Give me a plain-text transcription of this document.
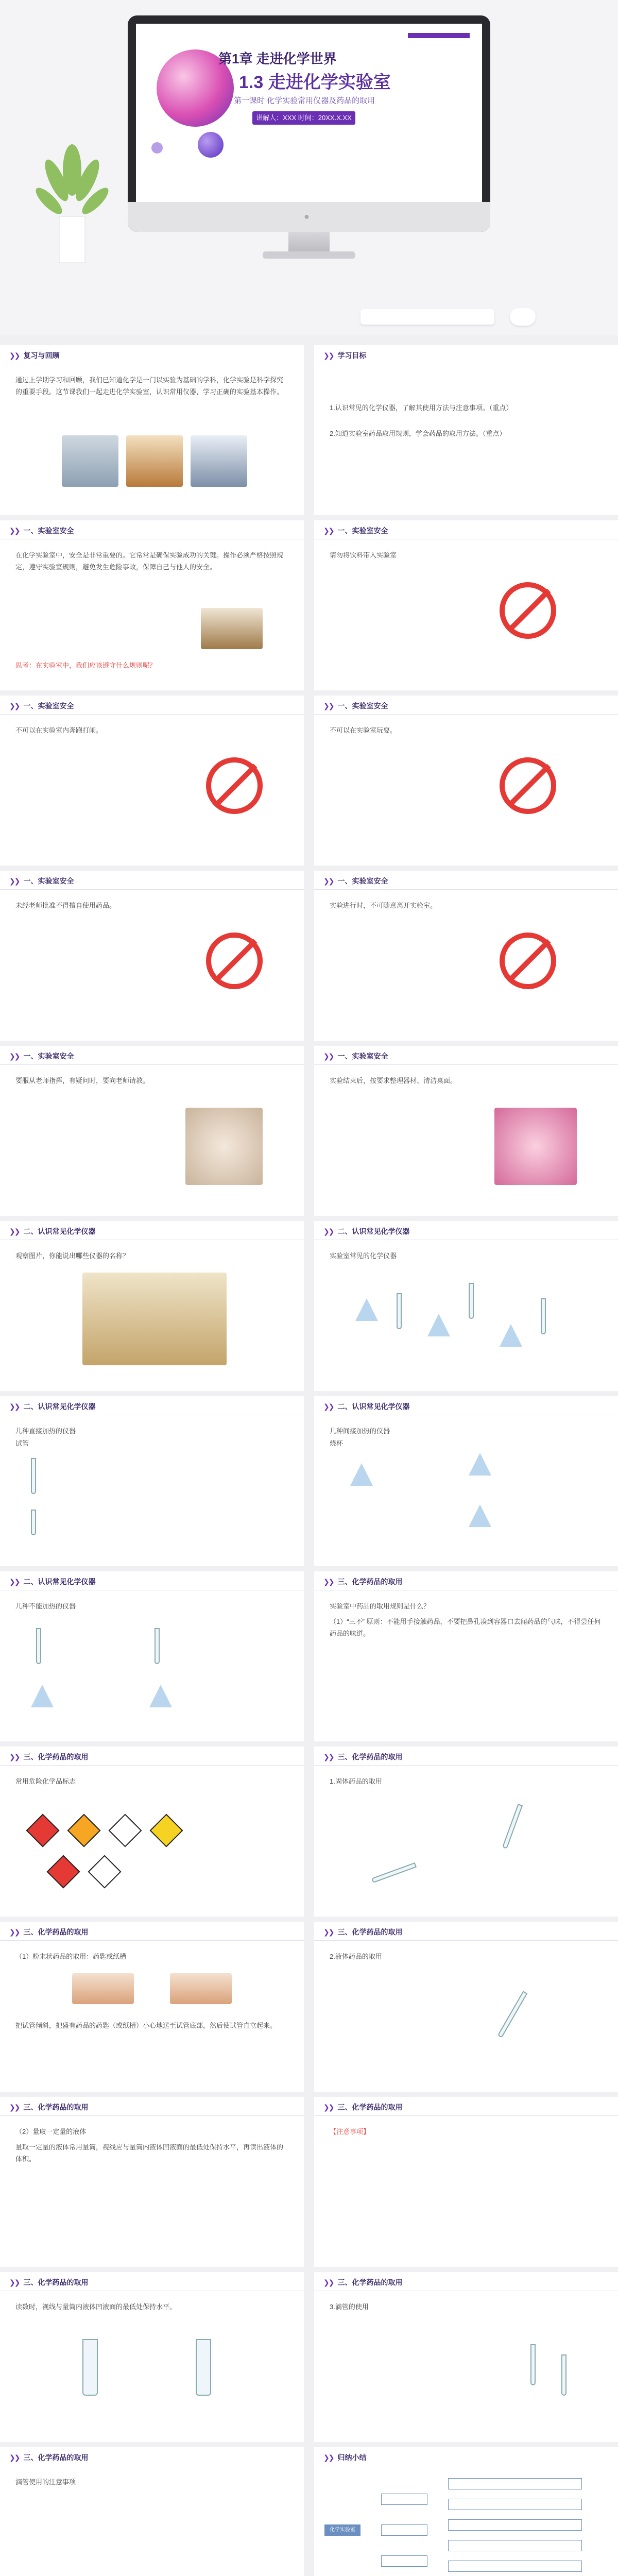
第1章 走进化学世界
1.3 走进化学实验室
第一课时 化学实验常用仪器及药品的取用
讲解人：XXX 时间：20XX.X.XX
●
❯❯ 复习与回顾
通过上学期学习和回顾，我们已知道化学是一门以实验为基础的学科，化学实验是科学探究的重要手段。这节课我们一起走进化学实验室，认识常用仪器，学习正确的实验基本操作。
❯❯ 学习目标
1.认识常见的化学仪器，了解其使用方法与注意事项。（重点）
2.知道实验室药品取用规则，学会药品的取用方法。（重点）
❯❯ 一、实验室安全
在化学实验室中，安全是非常重要的。它常常是确保实验成功的关键。操作必须严格按照规定，遵守实验室规则，避免发生危险事故，保障自己与他人的安全。
思考：在实验室中，我们应该遵守什么规则呢？
❯❯ 一、实验室安全
请勿将饮料带入实验室
❯❯ 一、实验室安全
不可以在实验室内奔跑打闹。
❯❯ 一、实验室安全
不可以在实验室玩耍。
❯❯ 一、实验室安全
未经老师批准不得擅自使用药品。
❯❯ 一、实验室安全
实验进行时，不可随意离开实验室。
❯❯ 一、实验室安全
要服从老师指挥，有疑问时，要向老师请教。
❯❯ 一、实验室安全
实验结束后，按要求整理器材、清洁桌面。
❯❯ 二、认识常见化学仪器
观察图片，你能说出哪些仪器的名称？
❯❯ 二、认识常见化学仪器
实验室常见的化学仪器
❯❯ 二、认识常见化学仪器
几种直接加热的仪器
试管
❯❯ 二、认识常见化学仪器
几种间接加热的仪器
烧杯
❯❯ 二、认识常见化学仪器
几种不能加热的仪器
❯❯ 三、化学药品的取用
实验室中药品的取用规则是什么？
（1）“三不” 原则：不能用手接触药品，不要把鼻孔凑到容器口去闻药品的气味，不得尝任何药品的味道。
❯❯ 三、化学药品的取用
常用危险化学品标志
❯❯ 三、化学药品的取用
1.固体药品的取用
❯❯ 三、化学药品的取用
（1）粉末状药品的取用：药匙或纸槽
把试管倾斜，把盛有药品的药匙（或纸槽）小心地送至试管底部，然后使试管直立起来。
❯❯ 三、化学药品的取用
2.液体药品的取用
❯❯ 三、化学药品的取用
（2）量取一定量的液体
量取一定量的液体常用量筒，视线应与量筒内液体凹液面的最低处保持水平，再读出液体的体积。
❯❯ 三、化学药品的取用
【注意事项】
❯❯ 三、化学药品的取用
读数时，视线与量筒内液体凹液面的最低处保持水平。
❯❯ 三、化学药品的取用
3.滴管的使用
❯❯ 三、化学药品的取用
滴管使用的注意事项
❯❯ 归纳小结
化学实验室
